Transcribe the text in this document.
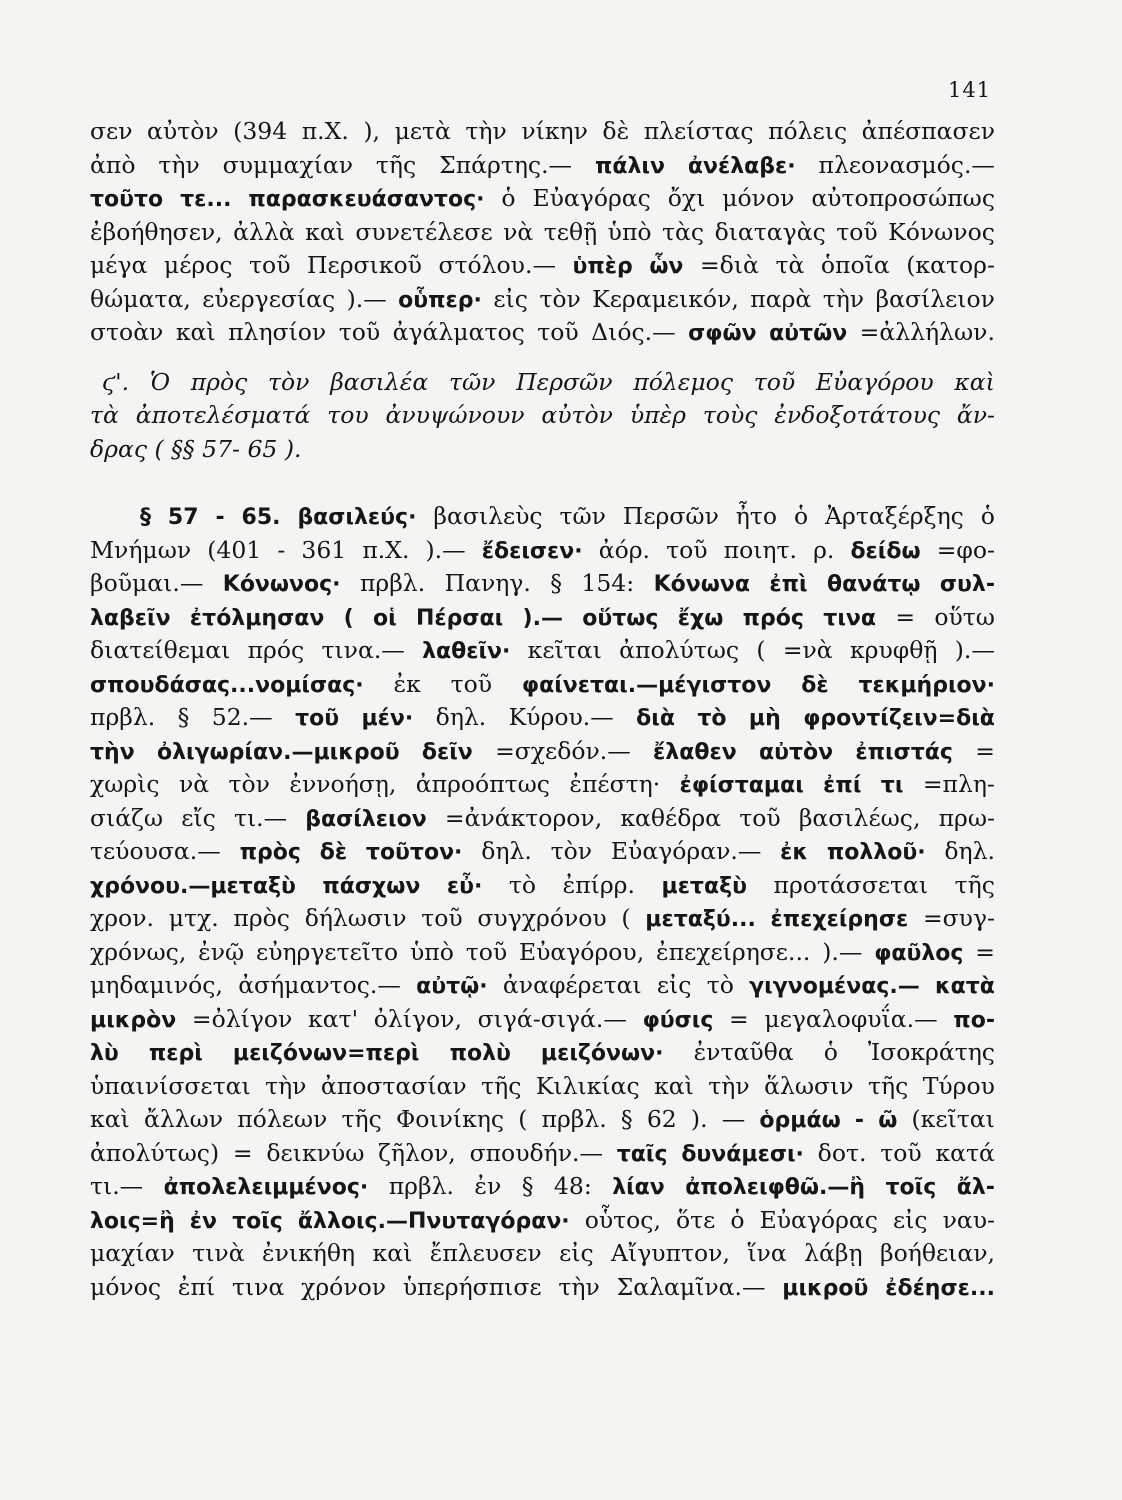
141
σεν αὐτὸν (394 π.Χ. ), μετὰ τὴν νίκην δὲ πλείστας πόλεις ἀπέσπασεν
ἀπὸ τὴν συμμαχίαν τῆς Σπάρτης.— πάλιν ἀνέλαβε· πλεονασμός.—
τοῦτο τε... παρασκευάσαντος· ὁ Εὐαγόρας ὄχι μόνον αὐτοπροσώπως
ἐβοήθησεν, ἀλλὰ καὶ συνετέλεσε νὰ τεθῇ ὑπὸ τὰς διαταγὰς τοῦ Κόνωνος
μέγα μέρος τοῦ Περσικοῦ στόλου.— ὑπὲρ ὧν =διὰ τὰ ὁποῖα (κατορ-
θώματα, εὐεργεσίας ).— οὗπερ· εἰς τὸν Κεραμεικόν, παρὰ τὴν βασίλειον
στοὰν καὶ πλησίον τοῦ ἀγάλματος τοῦ Διός.— σφῶν αὐτῶν =ἀλλήλων.
ϛ'. Ὁ πρὸς τὸν βασιλέα τῶν Περσῶν πόλεμος τοῦ Εὐαγόρου καὶ
τὰ ἀποτελέσματά του ἀνυψώνουν αὐτὸν ὑπὲρ τοὺς ἐνδοξοτάτους ἄν-
δρας
(
§§
57-
65
).

§ 57 - 65. βασιλεύς· βασιλεὺς τῶν Περσῶν ἦτο ὁ Ἀρταξέρξης ὁ
Μνήμων (401 - 361 π.Χ. ).— ἔδεισεν· ἀόρ. τοῦ ποιητ. ρ. δείδω =φο-
βοῦμαι.— Κόνωνος· πρβλ. Πανηγ. § 154: Κόνωνα ἐπὶ θανάτῳ συλ-
λαβεῖν ἐτόλμησαν ( οἱ Πέρσαι ).— οὕτως ἔχω πρός τινα = οὕτω
διατείθεμαι πρός τινα.— λαθεῖν· κεῖται ἀπολύτως ( =νὰ κρυφθῇ ).—
σπουδάσας...νομίσας· ἐκ τοῦ φαίνεται.—μέγιστον δὲ τεκμήριον·
πρβλ. § 52.— τοῦ μέν· δηλ. Κύρου.— διὰ τὸ μὴ φροντίζειν=διὰ
τὴν ὀλιγωρίαν.—μικροῦ δεῖν =σχεδόν.— ἔλαθεν αὐτὸν ἐπιστάς =
χωρὶς νὰ τὸν ἐννοήσῃ, ἀπροόπτως ἐπέστη· ἐφίσταμαι ἐπί τι =πλη-
σιάζω εἴς τι.— βασίλειον =ἀνάκτορον, καθέδρα τοῦ βασιλέως, πρω-
τεύουσα.— πρὸς δὲ τοῦτον· δηλ. τὸν Εὐαγόραν.— ἐκ πολλοῦ· δηλ.
χρόνου.—μεταξὺ πάσχων εὖ· τὸ ἐπίρρ. μεταξὺ προτάσσεται τῆς
χρον. μτχ. πρὸς δήλωσιν τοῦ συγχρόνου ( μεταξύ... ἐπεχείρησε =συγ-
χρόνως, ἐνῷ εὐηργετεῖτο ὑπὸ τοῦ Εὐαγόρου, ἐπεχείρησε... ).— φαῦλος =
μηδαμινός, ἀσήμαντος.— αὐτῷ· ἀναφέρεται εἰς τὸ γιγνομένας.— κατὰ
μικρὸν =ὀλίγον κατ' ὀλίγον, σιγά-σιγά.— φύσις = μεγαλοφυΐα.— πο-
λὺ περὶ μειζόνων=περὶ πολὺ μειζόνων· ἐνταῦθα ὁ Ἰσοκράτης
ὑπαινίσσεται τὴν ἀποστασίαν τῆς Κιλικίας καὶ τὴν ἅλωσιν τῆς Τύρου
καὶ ἄλλων πόλεων τῆς Φοινίκης ( πρβλ. § 62 ). — ὁρμάω - ῶ (κεῖται
ἀπολύτως) = δεικνύω ζῆλον, σπουδήν.— ταῖς δυνάμεσι· δοτ. τοῦ κατά
τι.— ἀπολελειμμένος· πρβλ. ἐν § 48: λίαν ἀπολειφθῶ.—ἢ τοῖς ἄλ-
λοις=ἢ ἐν τοῖς ἄλλοις.—Πνυταγόραν· οὗτος, ὅτε ὁ Εὐαγόρας εἰς ναυ-
μαχίαν τινὰ ἐνικήθη καὶ ἔπλευσεν εἰς Αἴγυπτον, ἵνα λάβῃ βοήθειαν,
μόνος ἐπί τινα χρόνον ὑπερήσπισε τὴν Σαλαμῖνα.— μικροῦ ἐδέησε...
